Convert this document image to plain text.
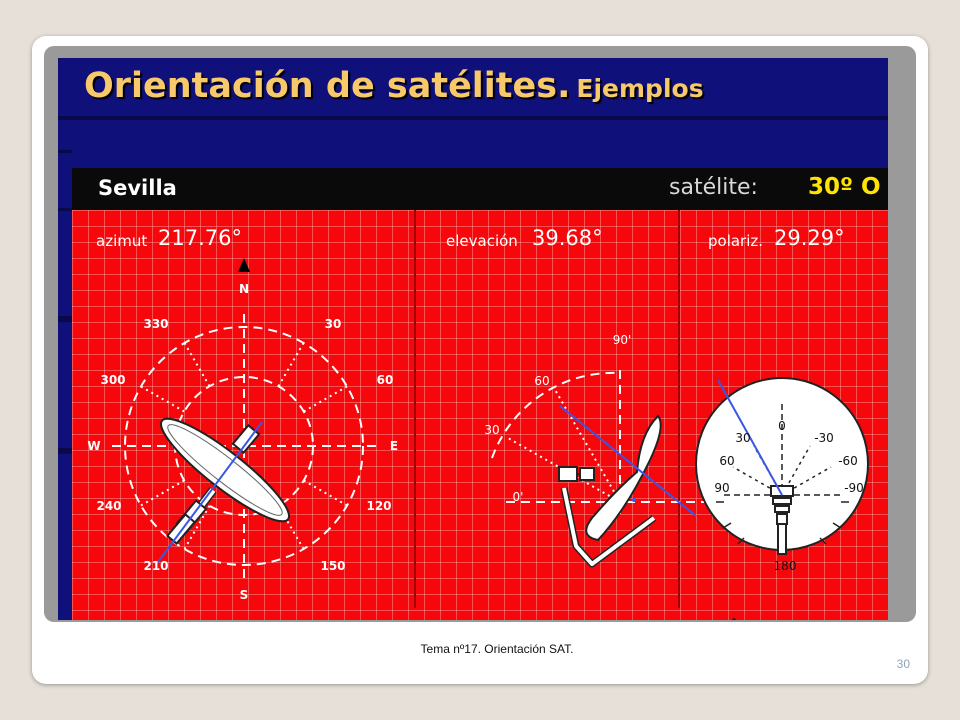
Orientación de satélites. Ejemplos
Sevilla	satélite: 30º O
azimut 217.76°
N
S
E
W
30
60
120
150
210
240
300
330
elevación 39.68°
0'
30
60
90'
polariz. 29.29°
0
30	-30
60	-60
90	-90
180
Tema nº17. Orientación SAT.
30
